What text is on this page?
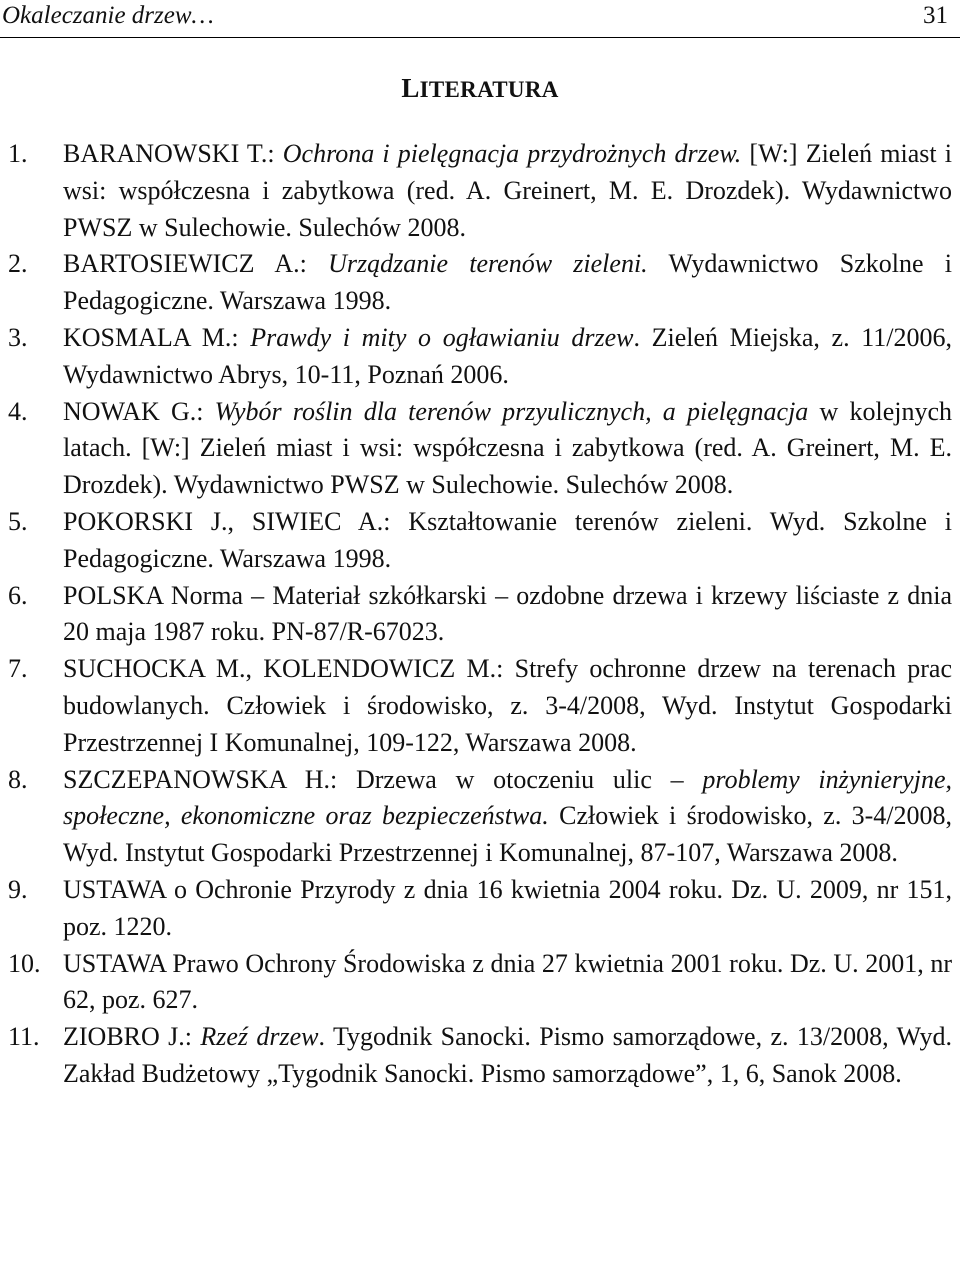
Okaleczanie drzew…	31
LITERATURA
1. BARANOWSKI T.: Ochrona i pielęgnacja przydrożnych drzew. [W:] Zieleń miast i wsi: współczesna i zabytkowa (red. A. Greinert, M. E. Drozdek). Wydawnictwo PWSZ w Sulechowie. Sulechów 2008.
2. BARTOSIEWICZ A.: Urządzanie terenów zieleni. Wydawnictwo Szkolne i Pedagogiczne. Warszawa 1998.
3. KOSMALA M.: Prawdy i mity o ogławianiu drzew. Zieleń Miejska, z. 11/2006, Wydawnictwo Abrys, 10-11, Poznań 2006.
4. NOWAK G.: Wybór roślin dla terenów przyulicznych, a pielęgnacja w kolejnych latach. [W:] Zieleń miast i wsi: współczesna i zabytkowa (red. A. Greinert, M. E. Drozdek). Wydawnictwo PWSZ w Sulechowie. Sulechów 2008.
5. POKORSKI J., SIWIEC A.: Kształtowanie terenów zieleni. Wyd. Szkolne i Pedagogiczne. Warszawa 1998.
6. POLSKA Norma – Materiał szkółkarski – ozdobne drzewa i krzewy liściaste z dnia 20 maja 1987 roku. PN-87/R-67023.
7. SUCHOCKA M., KOLENDOWICZ M.: Strefy ochronne drzew na terenach prac budowlanych. Człowiek i środowisko, z. 3-4/2008, Wyd. Instytut Gospodarki Przestrzennej I Komunalnej, 109-122, Warszawa 2008.
8. SZCZEPANOWSKA H.: Drzewa w otoczeniu ulic – problemy inżynieryjne, społeczne, ekonomiczne oraz bezpieczeństwa. Człowiek i środowisko, z. 3-4/2008, Wyd. Instytut Gospodarki Przestrzennej i Komunalnej, 87-107, Warszawa 2008.
9. USTAWA o Ochronie Przyrody z dnia 16 kwietnia 2004 roku. Dz. U. 2009, nr 151, poz. 1220.
10. USTAWA Prawo Ochrony Środowiska z dnia 27 kwietnia 2001 roku. Dz. U. 2001, nr 62, poz. 627.
11. ZIOBRO J.: Rzeź drzew. Tygodnik Sanocki. Pismo samorządowe, z. 13/2008, Wyd. Zakład Budżetowy „Tygodnik Sanocki. Pismo samorządowe”, 1, 6, Sanok 2008.
